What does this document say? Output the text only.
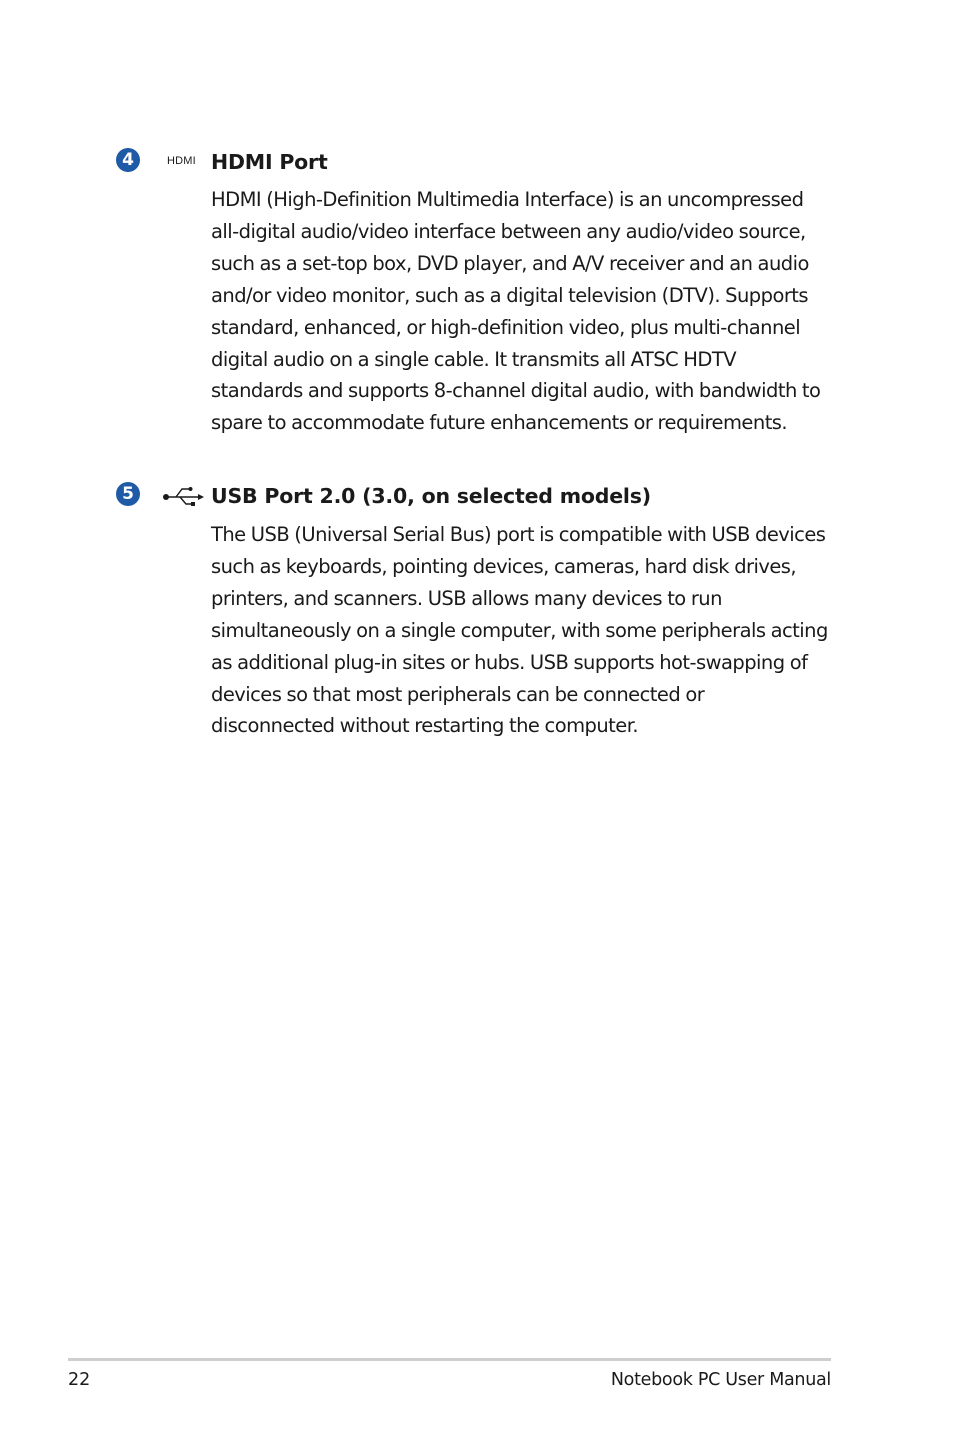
4	HDMI HDMI Port

HDMI (High-Definition Multimedia Interface) is an uncompressed all-digital audio/video interface between any audio/video source, such as a set-top box, DVD player, and A/V receiver and an audio and/or video monitor, such as a digital television (DTV). Supports standard, enhanced, or high-definition video, plus multi-channel digital audio on a single cable. It transmits all ATSC HDTV standards and supports 8-channel digital audio, with bandwidth to spare to accommodate future enhancements or requirements.

5	USB Port 2.0 (3.0, on selected models)

The USB (Universal Serial Bus) port is compatible with USB devices such as keyboards, pointing devices, cameras, hard disk drives, printers, and scanners. USB allows many devices to run simultaneously on a single computer, with some peripherals acting as additional plug-in sites or hubs. USB supports hot-swapping of devices so that most peripherals can be connected or disconnected without restarting the computer.

22	Notebook PC User Manual
